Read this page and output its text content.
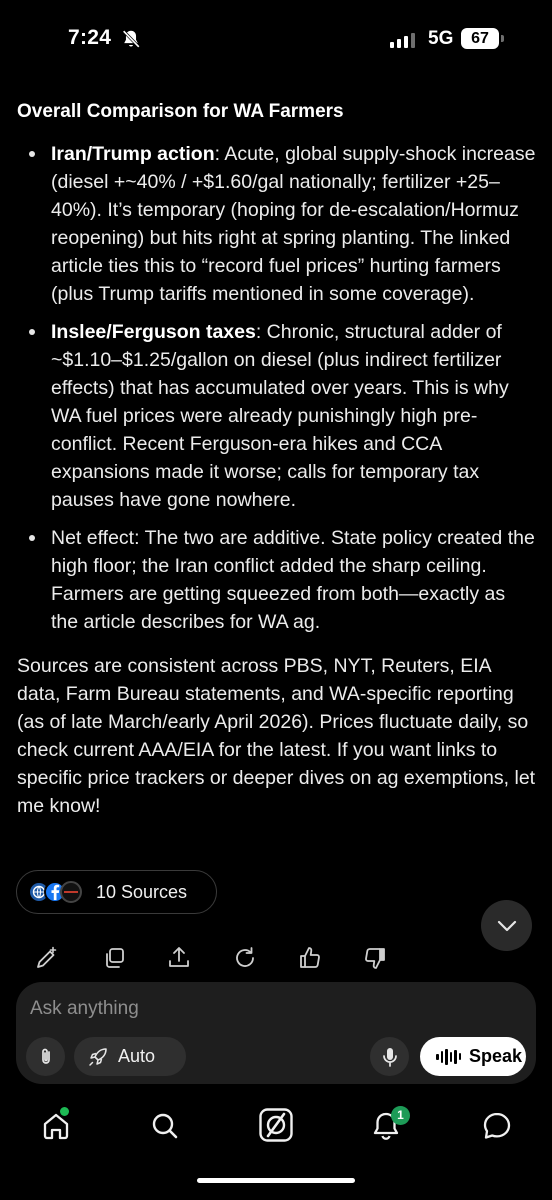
7:24	5G	67
Overall Comparison for WA Farmers
Iran/Trump action: Acute, global supply-shock increase (diesel +~40% / +$1.60/gal nationally; fertilizer +25–40%). It’s temporary (hoping for de-escalation/Hormuz reopening) but hits right at spring planting. The linked article ties this to “record fuel prices” hurting farmers (plus Trump tariffs mentioned in some coverage).
Inslee/Ferguson taxes: Chronic, structural adder of ~$1.10–$1.25/gallon on diesel (plus indirect fertilizer effects) that has accumulated over years. This is why WA fuel prices were already punishingly high pre-conflict. Recent Ferguson-era hikes and CCA expansions made it worse; calls for temporary tax pauses have gone nowhere.
Net effect: The two are additive. State policy created the high floor; the Iran conflict added the sharp ceiling. Farmers are getting squeezed from both—exactly as the article describes for WA ag.

Sources are consistent across PBS, NYT, Reuters, EIA data, Farm Bureau statements, and WA-specific reporting (as of late March/early April 2026). Prices fluctuate daily, so check current AAA/EIA for the latest. If you want links to specific price trackers or deeper dives on ag exemptions, let me know!

10 Sources
Ask anything
Auto	Speak
1
